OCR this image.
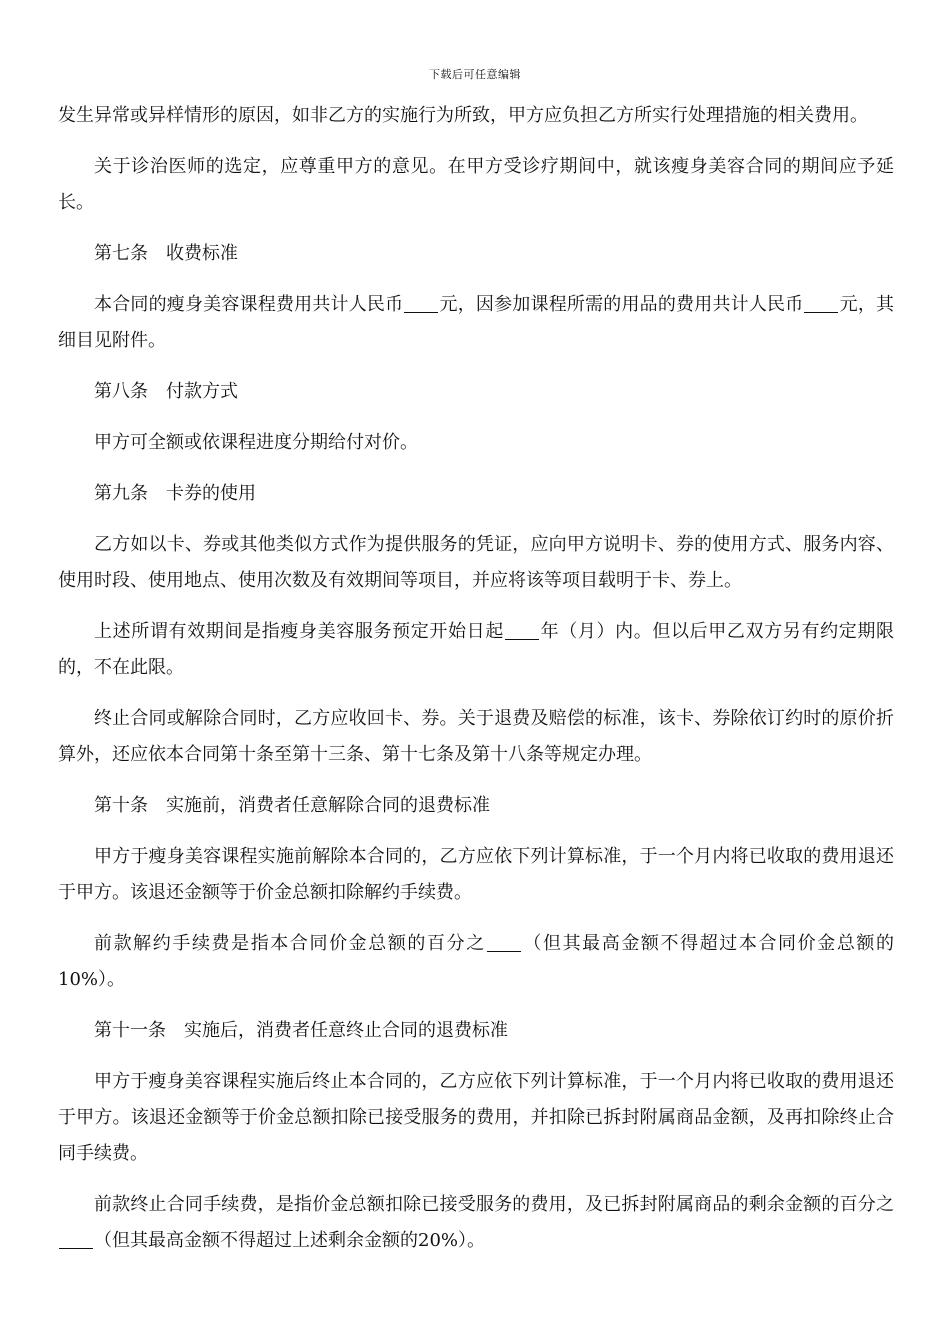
下载后可任意编辑

发生异常或异样情形的原因，如非乙方的实施行为所致，甲方应负担乙方所实行处理措施的相关费用。

关于诊治医师的选定，应尊重甲方的意见。在甲方受诊疗期间中，就该瘦身美容合同的期间应予延长。

第七条　收费标准

本合同的瘦身美容课程费用共计人民币 元，因参加课程所需的用品的费用共计人民币 元，其细目见附件。

第八条　付款方式

甲方可全额或依课程进度分期给付对价。

第九条　卡券的使用

乙方如以卡、券或其他类似方式作为提供服务的凭证，应向甲方说明卡、券的使用方式、服务内容、使用时段、使用地点、使用次数及有效期间等项目，并应将该等项目载明于卡、券上。

上述所谓有效期间是指瘦身美容服务预定开始日起 年（月）内。但以后甲乙双方另有约定期限的，不在此限。

终止合同或解除合同时，乙方应收回卡、券。关于退费及赔偿的标准，该卡、券除依订约时的原价折算外，还应依本合同第十条至第十三条、第十七条及第十八条等规定办理。

第十条　实施前，消费者任意解除合同的退费标准

甲方于瘦身美容课程实施前解除本合同的，乙方应依下列计算标准，于一个月内将已收取的费用退还于甲方。该退还金额等于价金总额扣除解约手续费。

前款解约手续费是指本合同价金总额的百分之 （但其最高金额不得超过本合同价金总额的10%）。

第十一条　实施后，消费者任意终止合同的退费标准

甲方于瘦身美容课程实施后终止本合同的，乙方应依下列计算标准，于一个月内将已收取的费用退还于甲方。该退还金额等于价金总额扣除已接受服务的费用，并扣除已拆封附属商品金额，及再扣除终止合同手续费。

前款终止合同手续费，是指价金总额扣除已接受服务的费用，及已拆封附属商品的剩余金额的百分之（但其最高金额不得超过上述剩余金额的20%）。
